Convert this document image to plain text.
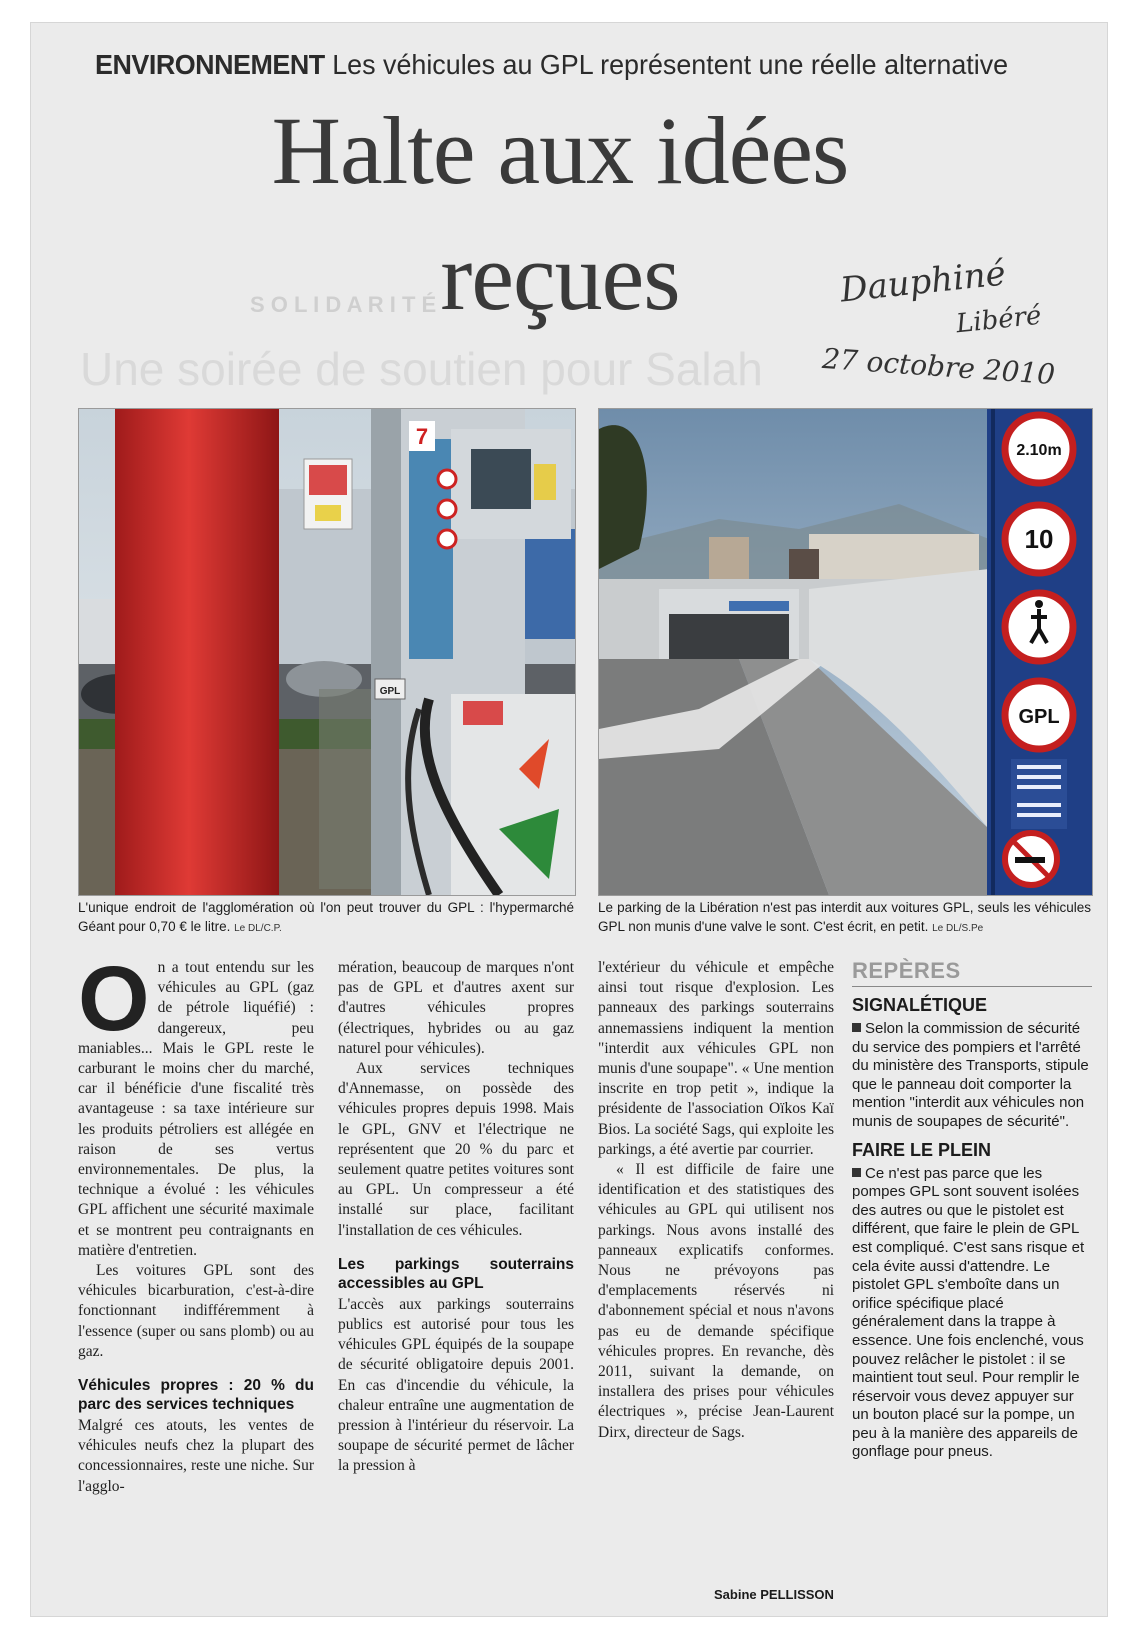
S O L I D A R I T É
Une soirée de soutien pour Salah
ENVIRONNEMENT Les véhicules au GPL représentent une réelle alternative
Halte aux idées
reçues	Dauphiné
Libéré
27 octobre 2010
7
GPL
2.10m
10
GPL
L'unique endroit de l'agglomération où l'on peut trouver du GPL : l'hypermarché Géant pour 0,70 € le litre. Le DL/C.P.
Le parking de la Libération n'est pas interdit aux voitures GPL, seuls les véhicules GPL non munis d'une valve le sont. C'est écrit, en petit. Le DL/S.Pe

O n a tout entendu sur les véhicules au GPL (gaz de pétrole liquéfié) : dangereux, peu maniables... Mais le GPL reste le carburant le moins cher du marché, car il bénéficie d'une fiscalité très avantageuse : sa taxe intérieure sur les produits pétroliers est allégée en raison de ses vertus environnementales. De plus, la technique a évolué : les véhicules GPL affichent une sécurité maximale et se montrent peu contraignants en matière d'entretien.

Les voitures GPL sont des véhicules bicarburation, c'est-à-dire fonctionnant indifféremment à l'essence (super ou sans plomb) ou au gaz.

Véhicules propres : 20 % du parc des services techniques

Malgré ces atouts, les ventes de véhicules neufs chez la plupart des concessionnaires, reste une niche. Sur l'agglo-

mération, beaucoup de marques n'ont pas de GPL et d'autres axent sur d'autres véhicules propres (électriques, hybrides ou au gaz naturel pour véhicules).

Aux services techniques d'Annemasse, on possède des véhicules propres depuis 1998. Mais le GPL, GNV et l'électrique ne représentent que 20 % du parc et seulement quatre petites voitures sont au GPL. Un compresseur a été installé sur place, facilitant l'installation de ces véhicules.

Les parkings souterrains accessibles au GPL

L'accès aux parkings souterrains publics est autorisé pour tous les véhicules GPL équipés de la soupape de sécurité obligatoire depuis 2001. En cas d'incendie du véhicule, la chaleur entraîne une augmentation de pression à l'intérieur du réservoir. La soupape de sécurité permet de lâcher la pression à

l'extérieur du véhicule et empêche ainsi tout risque d'explosion. Les panneaux des parkings souterrains annemassiens indiquent la mention "interdit aux véhicules GPL non munis d'une soupape". « Une mention inscrite en trop petit », indique la présidente de l'association Oïkos Kaï Bios. La société Sags, qui exploite les parkings, a été avertie par courrier.

« Il est difficile de faire une identification et des statistiques des véhicules au GPL qui utilisent nos parkings. Nous avons installé des panneaux explicatifs conformes. Nous ne prévoyons pas d'emplacements réservés ni d'abonnement spécial et nous n'avons pas eu de demande spécifique véhicules propres. En revanche, dès 2011, suivant la demande, on installera des prises pour véhicules électriques », précise Jean-Laurent Dirx, directeur de Sags.

Sabine PELLISSON
REPÈRES
SIGNALÉTIQUE

Selon la commission de sécurité du service des pompiers et l'arrêté du ministère des Transports, stipule que le panneau doit comporter la mention "interdit aux véhicules non munis de soupapes de sécurité".

FAIRE LE PLEIN

Ce n'est pas parce que les pompes GPL sont souvent isolées des autres ou que le pistolet est différent, que faire le plein de GPL est compliqué. C'est sans risque et cela évite aussi d'attendre. Le pistolet GPL s'emboîte dans un orifice spécifique placé généralement dans la trappe à essence. Une fois enclenché, vous pouvez relâcher le pistolet : il se maintient tout seul. Pour remplir le réservoir vous devez appuyer sur un bouton placé sur la pompe, un peu à la manière des appareils de gonflage pour pneus.
